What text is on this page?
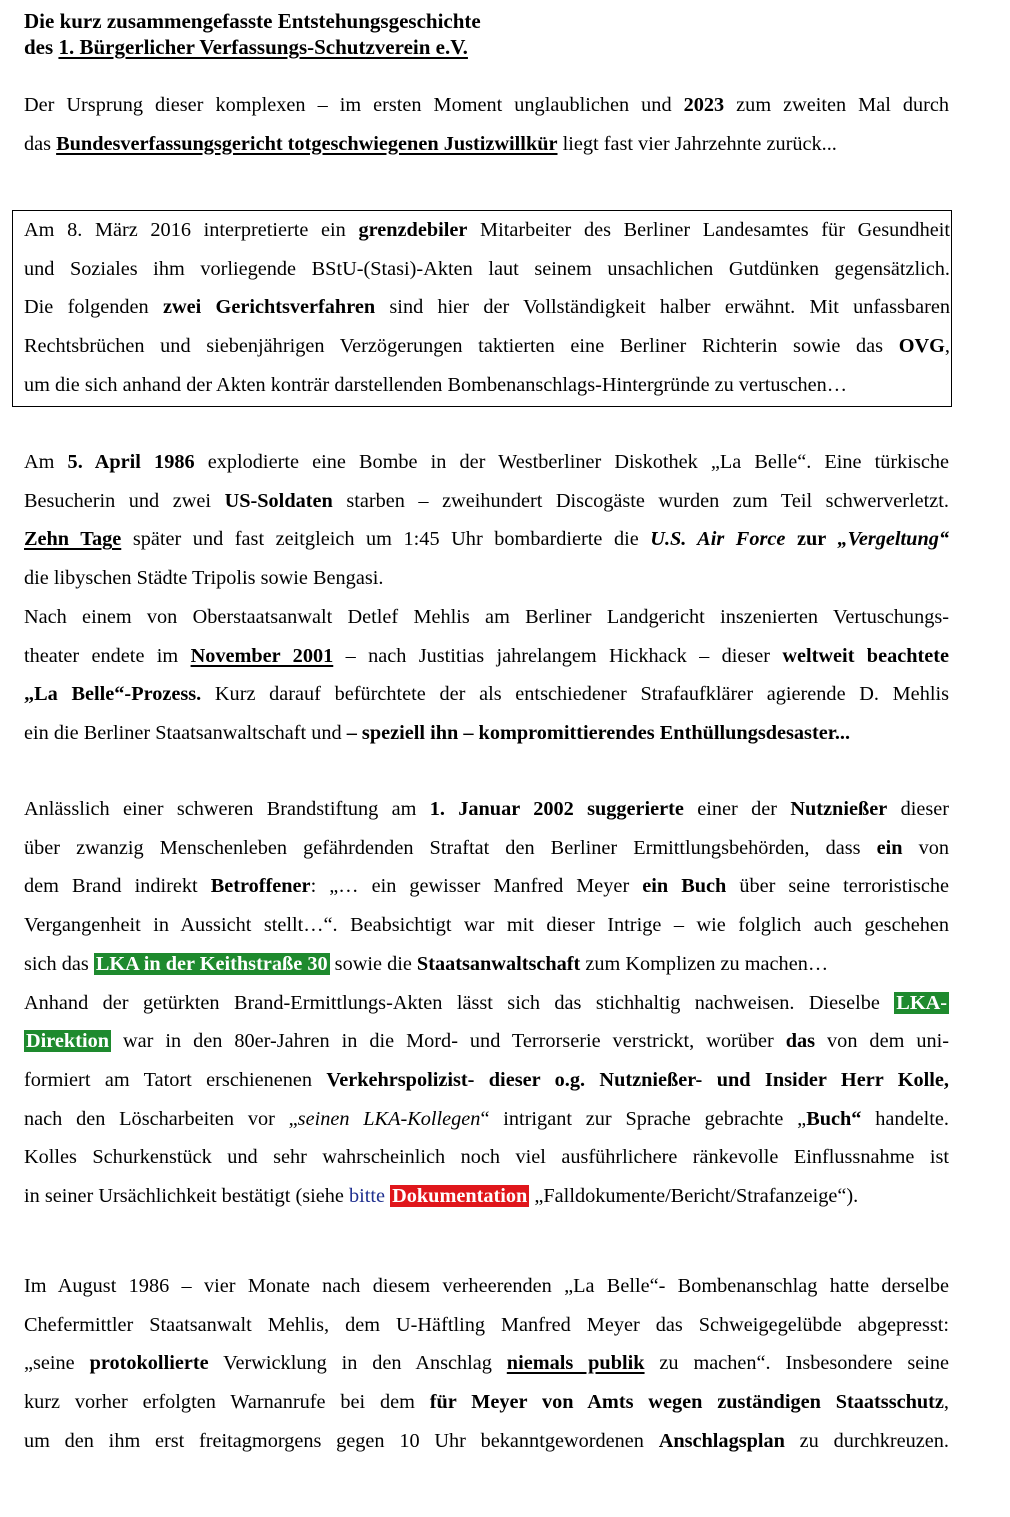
Die kurz zusammengefasste Entstehungsgeschichte
des 1. Bürgerlicher Verfassungs-Schutzverein e.V.
Der Ursprung dieser komplexen – im ersten Moment unglaublichen und 2023 zum zweiten Mal durch
das Bundesverfassungsgericht totgeschwiegenen Justizwillkür liegt fast vier Jahrzehnte zurück...
Am 8. März 2016 interpretierte ein grenzdebiler Mitarbeiter des Berliner Landesamtes für Gesundheit
und Soziales ihm vorliegende BStU-(Stasi)-Akten laut seinem unsachlichen Gutdünken gegensätzlich.
Die folgenden zwei Gerichtsverfahren sind hier der Vollständigkeit halber erwähnt. Mit unfassbaren
Rechtsbrüchen und siebenjährigen Verzögerungen taktierten eine Berliner Richterin sowie das OVG,
um die sich anhand der Akten konträr darstellenden Bombenanschlags-Hintergründe zu vertuschen…
Am 5. April 1986 explodierte eine Bombe in der Westberliner Diskothek „La Belle“. Eine türkische
Besucherin und zwei US-Soldaten starben – zweihundert Discogäste wurden zum Teil schwerverletzt.
Zehn Tage später und fast zeitgleich um 1:45 Uhr bombardierte die U.S. Air Force zur „Vergeltung“
die libyschen Städte Tripolis sowie Bengasi.
Nach einem von Oberstaatsanwalt Detlef Mehlis am Berliner Landgericht inszenierten Vertuschungs-
theater endete im November 2001 – nach Justitias jahrelangem Hickhack – dieser weltweit beachtete
„La Belle“-Prozess. Kurz darauf befürchtete der als entschiedener Strafaufklärer agierende D. Mehlis
ein die Berliner Staatsanwaltschaft und – speziell ihn – kompromittierendes Enthüllungsdesaster...
Anlässlich einer schweren Brandstiftung am 1. Januar 2002 suggerierte einer der Nutznießer dieser
über zwanzig Menschenleben gefährdenden Straftat den Berliner Ermittlungsbehörden, dass ein von
dem Brand indirekt Betroffener: „… ein gewisser Manfred Meyer ein Buch über seine terroristische
Vergangenheit in Aussicht stellt…“. Beabsichtigt war mit dieser Intrige – wie folglich auch geschehen
sich das LKA in der Keithstraße 30 sowie die Staatsanwaltschaft zum Komplizen zu machen…
Anhand der getürkten Brand-Ermittlungs-Akten lässt sich das stichhaltig nachweisen. Dieselbe LKA-
Direktion war in den 80er-Jahren in die Mord- und Terrorserie verstrickt, worüber das von dem uni-
formiert am Tatort erschienenen Verkehrspolizist- dieser o.g. Nutznießer- und Insider Herr Kolle,
nach den Löscharbeiten vor „seinen LKA-Kollegen“ intrigant zur Sprache gebrachte „Buch“ handelte.
Kolles Schurkenstück und sehr wahrscheinlich noch viel ausführlichere ränkevolle Einflussnahme ist
in seiner Ursächlichkeit bestätigt (siehe bitte Dokumentation „Falldokumente/Bericht/Strafanzeige“).
Im August 1986 – vier Monate nach diesem verheerenden „La Belle“- Bombenanschlag hatte derselbe
Chefermittler Staatsanwalt Mehlis, dem U-Häftling Manfred Meyer das Schweigegelübde abgepresst:
„seine protokollierte Verwicklung in den Anschlag niemals publik zu machen“. Insbesondere seine
kurz vorher erfolgten Warnanrufe bei dem für Meyer von Amts wegen zuständigen Staatsschutz,
um den ihm erst freitagmorgens gegen 10 Uhr bekanntgewordenen Anschlagsplan zu durchkreuzen.
